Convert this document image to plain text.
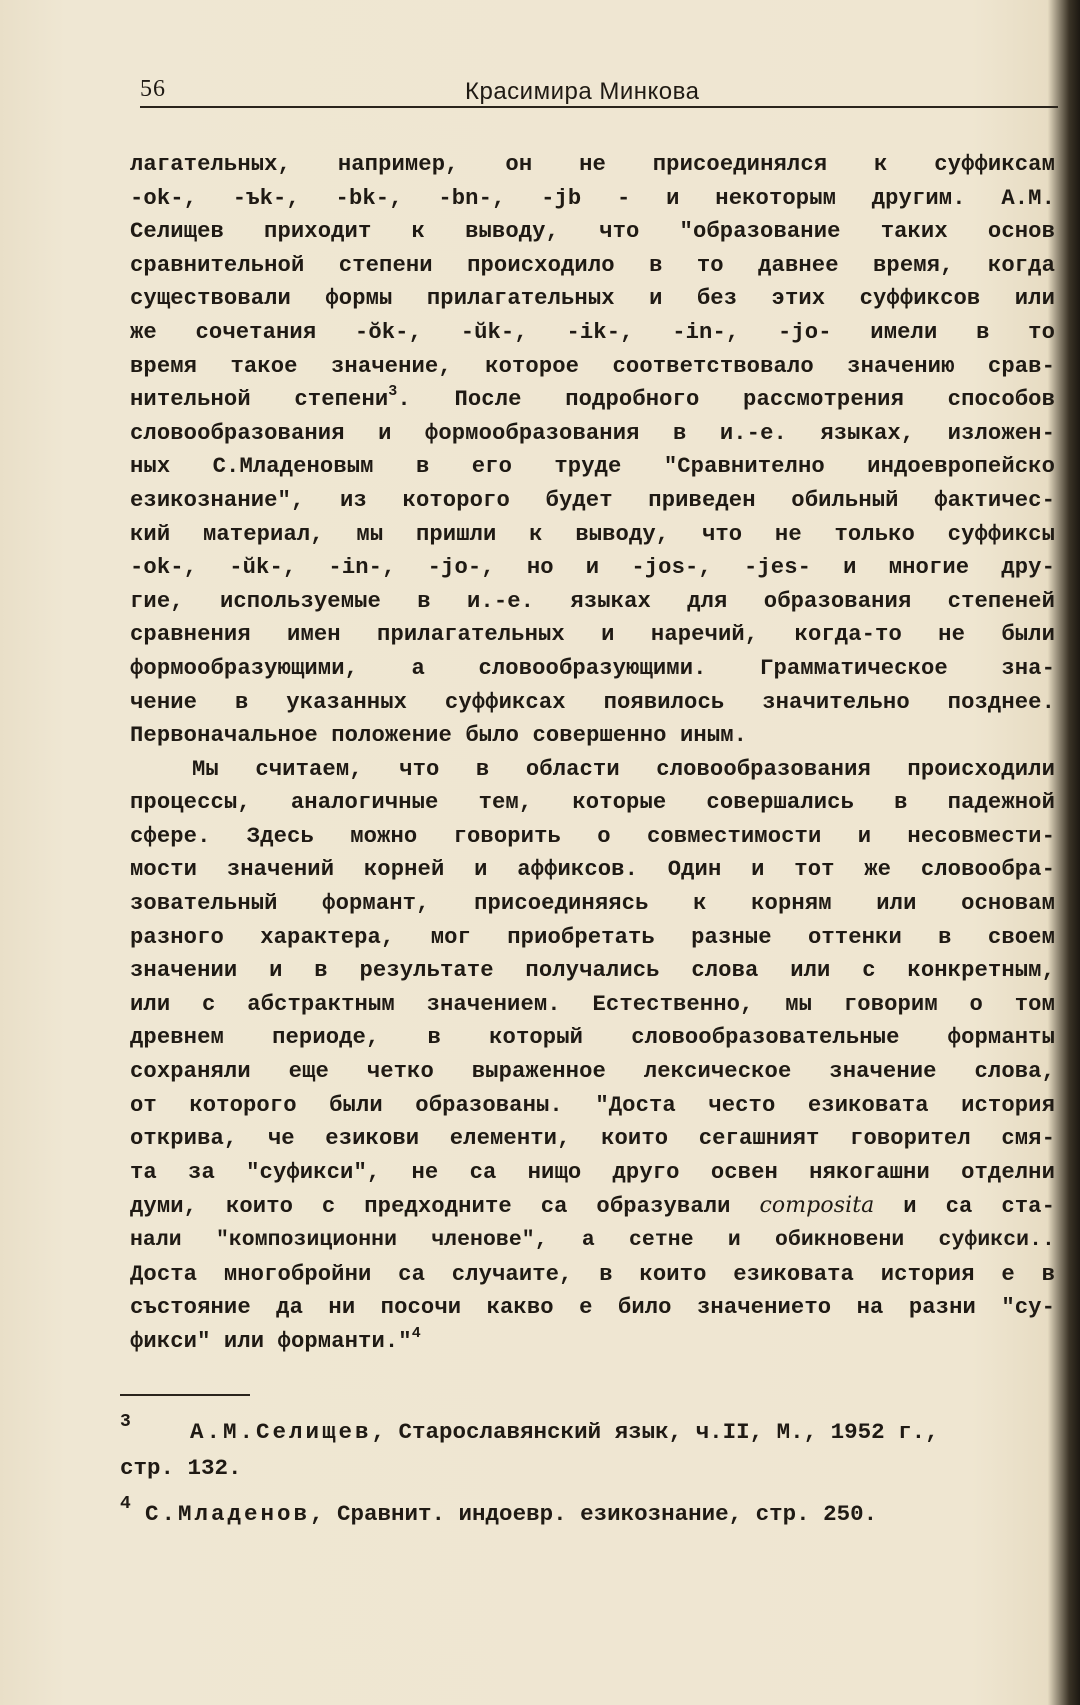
56	Красимира Минкова
лагательных, например, он не присоединялся к суффиксам
-ok-, -ъk-, -bk-, -bn-, -jb - и некоторым другим. А.М.
Селищев приходит к выводу, что "образование таких основ
сравнительной степени происходило в то давнее время, когда
существовали формы прилагательных и без этих суффиксов или
же сочетания -ŏk-, -ŭk-, -ik-, -in-, -jo- имели в то
время такое значение, которое соответствовало значению срав-
нительной степени$^3$. После подробного рассмотрения способов
словообразования и формообразования в и.-е. языках, изложен-
ных С.Младеновым в его труде "Сравнително индоевропейско
езикознание", из которого будет приведен обильный фактичес-
кий материал, мы пришли к выводу, что не только суффиксы
-ok-, -ŭk-, -in-, -jo-, но и -jos-, -jes- и многие дру-
гие, используемые в и.-е. языках для образования степеней
сравнения имен прилагательных и наречий, когда-то не были
формообразующими, а словообразующими. Грамматическое зна-
чение в указанных суффиксах появилось значительно позднее.
Первоначальное положение было совершенно иным.
Мы считаем, что в области словообразования происходили
процессы, аналогичные тем, которые совершались в падежной
сфере. Здесь можно говорить о совместимости и несовмести-
мости значений корней и аффиксов. Один и тот же словообра-
зовательный формант, присоединяясь к корням или основам
разного характера, мог приобретать разные оттенки в своем
значении и в результате получались слова или с конкретным,
или с абстрактным значением. Естественно, мы говорим о том
древнем периоде, в который словообразовательные форманты
сохраняли еще четко выраженное лексическое значение слова,
от которого были образованы. "Доста често езиковата история
открива, че езикови елементи, които сегашният говорител смя-
та за "суфикси", не са нищо друго освен някогашни отделни
думи, които с предходните са образували composita и са ста-
нали "композиционни членове", а сетне и обикновени суфикси..
Доста многобройни са случаите, в които езиковата история е в
състояние да ни посочи какво е било значението на разни "су-
фикси" или форманти."$^4$
3	А.М.Селищев, Старославянский язык, ч.II, М., 1952 г.,
стр. 132.
4 С.Младенов, Сравнит. индоевр. езикознание, стр. 250.
